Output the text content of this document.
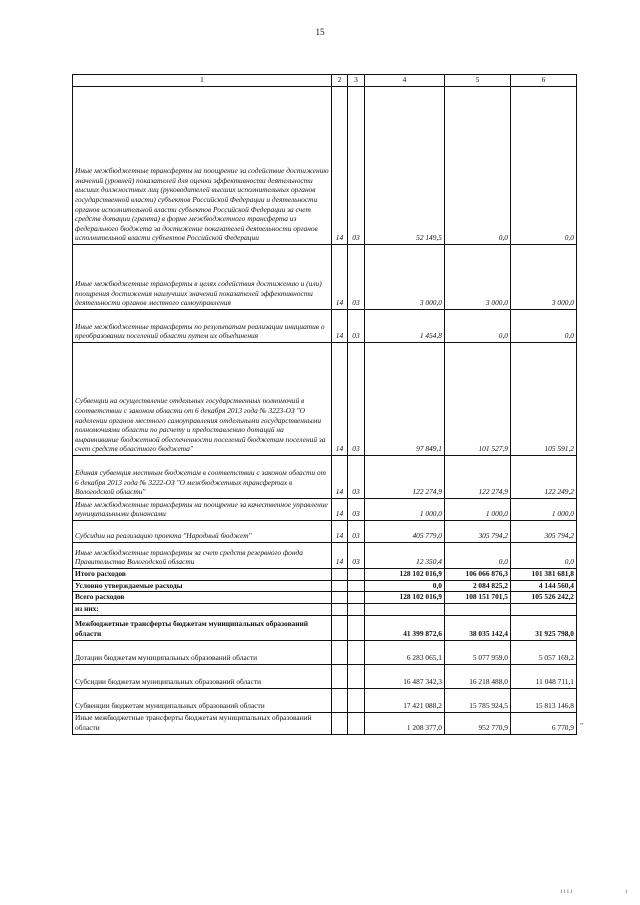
15
1	2	3	4	5	6
Иные межбюджетные трансферты на поощрение за содействие достижению значений (уровней) показателей для оценки эффективности деятельности высших должностных лиц (руководителей высших исполнительных органов государственной власти) субъектов Российской Федерации и деятельности органов исполнительной власти субъектов Российской Федерации за счет средств дотации (гранта) в форме межбюджетного трансферта из федерального бюджета за достижение показателей деятельности органов исполнительной власти субъектов Российской Федерации	14	03	52 149,5	0,0	0,0
Иные межбюджетные трансферты в целях содействия достижению и (или) поощрения достижения наилучших значений показателей эффективности деятельности органов местного самоуправления	14	03	3 000,0	3 000,0	3 000,0
Иные межбюджетные трансферты по результатам реализации инициатив о преобразовании поселений области путем их объединения	14	03	1 454,8	0,0	0,0
Субвенции на осуществление отдельных государственных полномочий в соответствии с законом области от 6 декабря 2013 года № 3223-ОЗ "О наделении органов местного самоуправления отдельными государственными полномочиями области по расчету и предоставлению дотаций на выравнивание бюджетной обеспеченности поселений бюджетам поселений за счет средств областного бюджета"	14	03	97 849,1	101 527,9	105 591,2
Единая субвенция местным бюджетам в соответствии с законом области от 6 декабря 2013 года № 3222-ОЗ "О межбюджетных трансфертах в Вологодской области"	14	03	122 274,9	122 274,9	122 249,2
Иные межбюджетные трансферты на поощрение за качественное управление муниципальными финансами	14	03	1 000,0	1 000,0	1 000,0
Субсидии на реализацию проекта "Народный бюджет"	14	03	405 779,0	305 794,2	305 794,2
Иные межбюджетные трансферты за счет средств резервного фонда Правительства Вологодской области	14	03	12 350,4	0,0	0,0
Итого расходов			128 102 016,9	106 066 876,3	101 381 681,8
Условно утверждаемые расходы			0,0	2 084 825,2	4 144 560,4
Всего расходов			128 102 016,9	108 151 701,5	105 526 242,2
из них:					
Межбюджетные трансферты бюджетам муниципальных образований области			41 399 872,6	38 035 142,4	31 925 798,0
Дотации бюджетам муниципальных образований области			6 283 065,1	5 077 959,0	5 057 169,2
Субсидии бюджетам муниципальных образований области			16 487 342,3	16 218 488,0	11 048 711,1
Субвенции бюджетам муниципальных образований области			17 421 088,2	15 785 924,5	15 813 146,8
Иные межбюджетные трансферты бюджетам муниципальных образований области			1 208 377,0	952 770,9	6 770,9 "
1111	1
